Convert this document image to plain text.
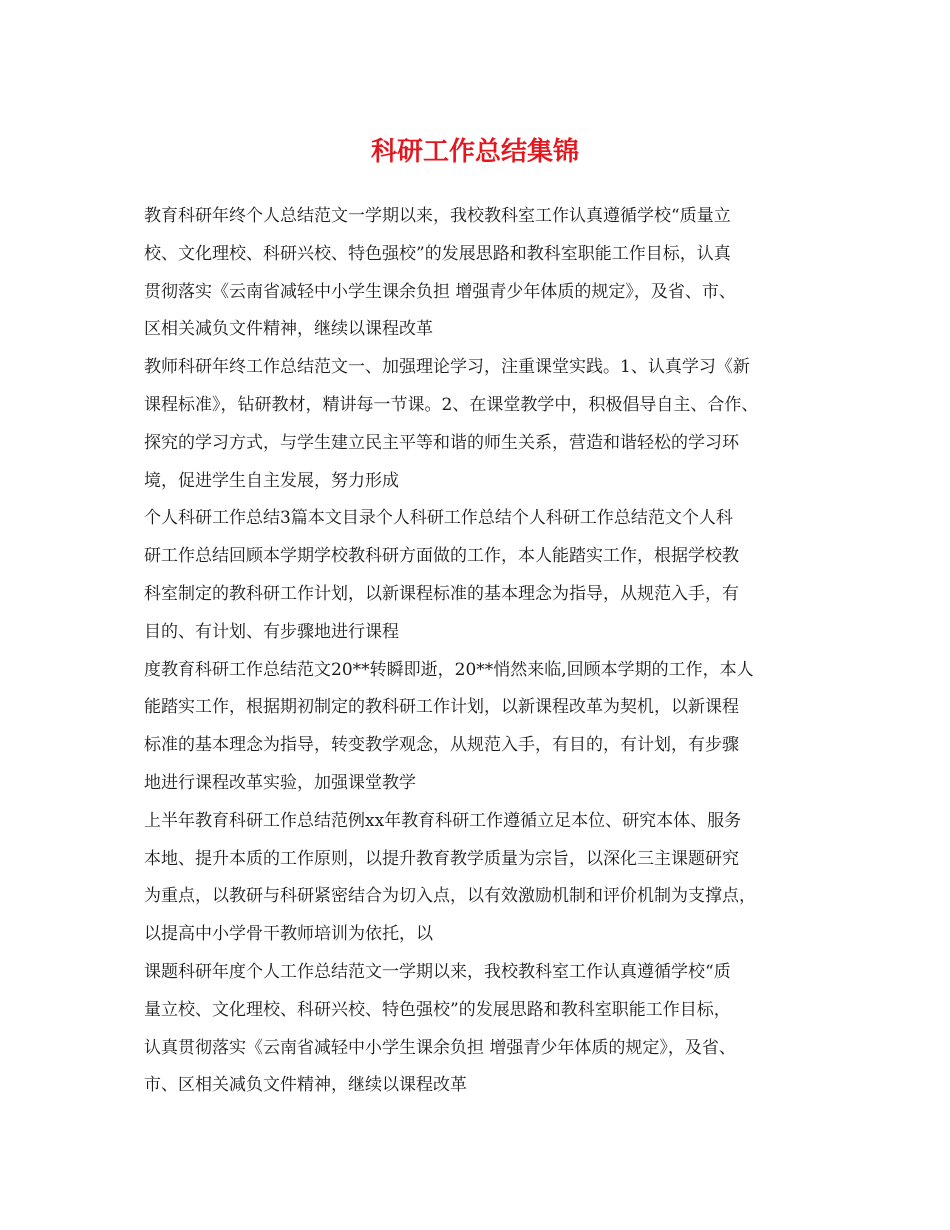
科研工作总结集锦
教育科研年终个人总结范文一学期以来，我校教科室工作认真遵循学校“质量立
校、文化理校、科研兴校、特色强校”的发展思路和教科室职能工作目标，认真
贯彻落实《云南省减轻中小学生课余负担 增强青少年体质的规定》，及省、市、
区相关减负文件精神，继续以课程改革
教师科研年终工作总结范文一、加强理论学习，注重课堂实践。1、认真学习《新
课程标准》，钻研教材，精讲每一节课。2、在课堂教学中，积极倡导自主、合作、
探究的学习方式，与学生建立民主平等和谐的师生关系，营造和谐轻松的学习环
境，促进学生自主发展，努力形成
个人科研工作总结3篇本文目录个人科研工作总结个人科研工作总结范文个人科
研工作总结回顾本学期学校教科研方面做的工作，本人能踏实工作，根据学校教
科室制定的教科研工作计划，以新课程标准的基本理念为指导，从规范入手，有
目的、有计划、有步骤地进行课程
度教育科研工作总结范文20**转瞬即逝，20**悄然来临,回顾本学期的工作，本人
能踏实工作，根据期初制定的教科研工作计划，以新课程改革为契机，以新课程
标准的基本理念为指导，转变教学观念，从规范入手，有目的，有计划，有步骤
地进行课程改革实验，加强课堂教学
上半年教育科研工作总结范例xx年教育科研工作遵循立足本位、研究本体、服务
本地、提升本质的工作原则，以提升教育教学质量为宗旨，以深化三主课题研究
为重点，以教研与科研紧密结合为切入点，以有效激励机制和评价机制为支撑点，
以提高中小学骨干教师培训为依托，以
课题科研年度个人工作总结范文一学期以来，我校教科室工作认真遵循学校“质
量立校、文化理校、科研兴校、特色强校”的发展思路和教科室职能工作目标，
认真贯彻落实《云南省减轻中小学生课余负担 增强青少年体质的规定》，及省、
市、区相关减负文件精神，继续以课程改革
